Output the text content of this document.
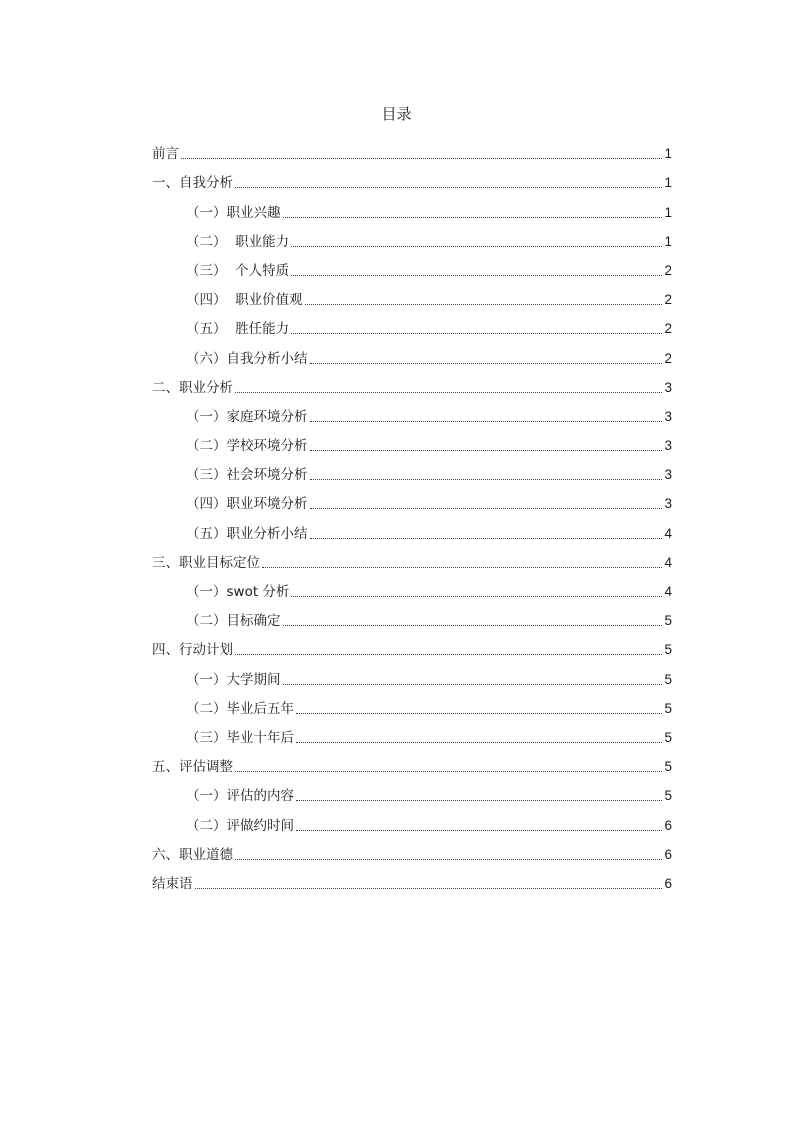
目录
前言	1
一、自我分析	1
（一）职业兴趣	1
（二）  职业能力	1
（三）  个人特质	2
（四）  职业价值观	2
（五）  胜任能力	2
（六）自我分析小结	2
二、职业分析	3
（一）家庭环境分析	3
（二）学校环境分析	3
（三）社会环境分析	3
（四）职业环境分析	3
（五）职业分析小结	4
三、职业目标定位	4
（一）swot 分析	4
（二）目标确定	5
四、行动计划	5
（一）大学期间	5
（二）毕业后五年	5
（三）毕业十年后	5
五、评估调整	5
（一）评估的内容	5
（二）评做约时间	6
六、职业道德	6
结束语	6
